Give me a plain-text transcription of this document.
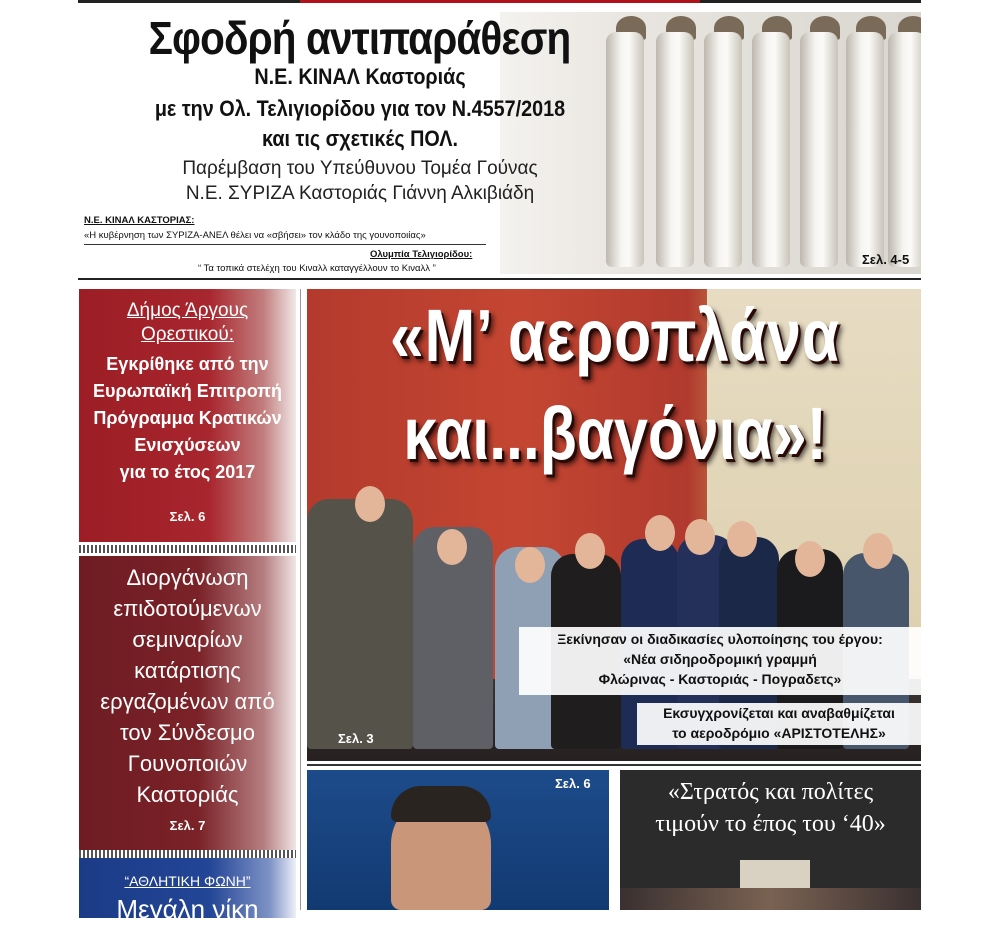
Σφοδρή αντιπαράθεση
Ν.Ε. ΚΙΝΑΛ Καστοριάς
με την Ολ. Τελιγιορίδου για τον Ν.4557/2018
και τις σχετικές ΠΟΛ.
Παρέμβαση του Υπεύθυνου Τομέα Γούνας
Ν.Ε. ΣΥΡΙΖΑ Καστοριάς Γιάννη Αλκιβιάδη
Ν.Ε. ΚΙΝΑΛ ΚΑΣΤΟΡΙΑΣ:
«Η κυβέρνηση των ΣΥΡΙΖΑ-ΑΝΕΛ θέλει να «σβήσει» τον κλάδο της γουνοποιίας»
Ολυμπία Τελιγιορίδου:
“ Τα τοπικά στελέχη του Κιναλλ καταγγέλλουν το Κιναλλ ”
Σελ. 4-5
Δήμος Άργους
Ορεστικού:
Εγκρίθηκε από την
Ευρωπαϊκή Επιτροπή
Πρόγραμμα Κρατικών
Ενισχύσεων
για το έτος 2017
Σελ. 6
Διοργάνωση
επιδοτούμενων
σεμιναρίων
κατάρτισης
εργαζομένων από
τον Σύνδεσμο
Γουνοποιών
Καστοριάς
Σελ. 7
“ΑΘΛΗΤΙΚΗ ΦΩΝΗ”
Μεγάλη νίκη
«Μ’ αεροπλάνα
και...βαγόνια»!
Ξεκίνησαν οι διαδικασίες υλοποίησης του έργου:
«Νέα σιδηροδρομική γραμμή
Φλώρινας - Καστοριάς - Πογραδετς»
Εκσυγχρονίζεται και αναβαθμίζεται
το αεροδρόμιο «ΑΡΙΣΤΟΤΕΛΗΣ»
Σελ. 3
Σελ. 6	«Στρατός και πολίτες
τιμούν το έπος του ‘40»
